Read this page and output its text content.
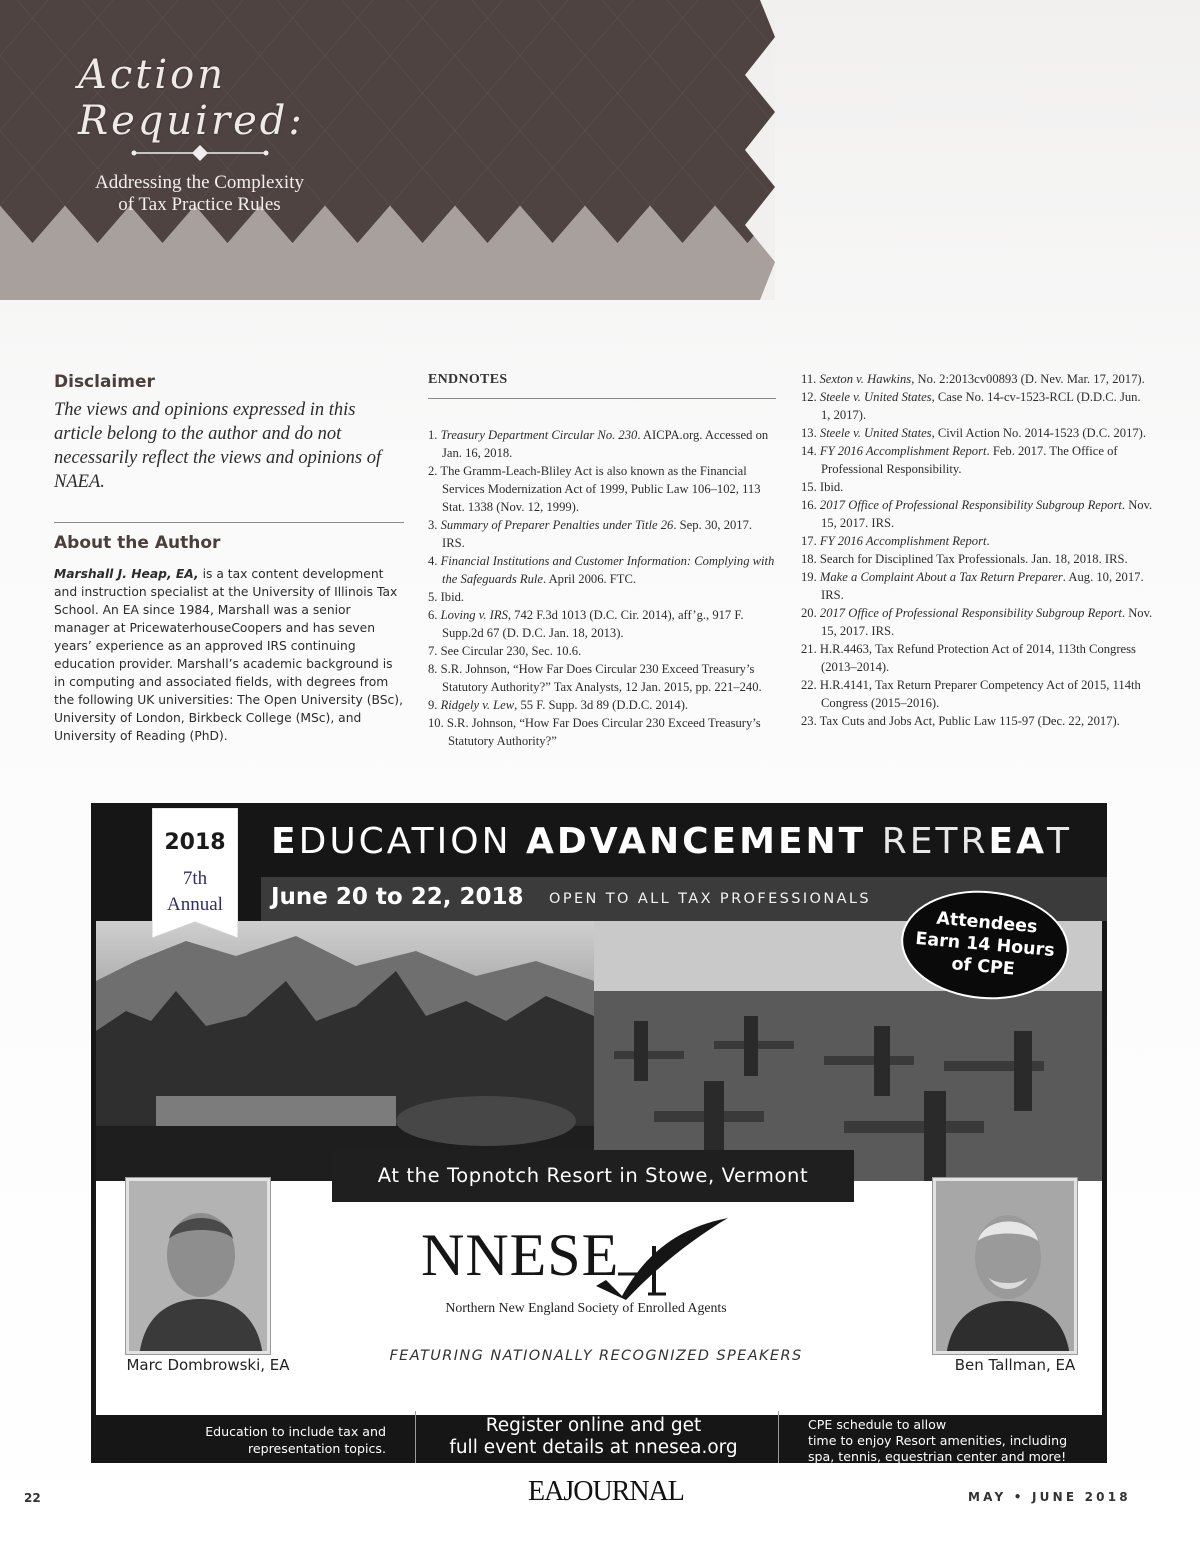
Action
Required:
Addressing the Complexity
of Tax Practice Rules
Disclaimer
The views and opinions expressed in this article belong to the author and do not necessarily reflect the views and opinions of NAEA.
About the Author
Marshall J. Heap, EA, is a tax content development and instruction specialist at the University of Illinois Tax School. An EA since 1984, Marshall was a senior manager at PricewaterhouseCoopers and has seven years’ experience as an approved IRS continuing education provider. Marshall’s academic background is in computing and associated fields, with degrees from the following UK universities: The Open University (BSc), University of London, Birkbeck College (MSc), and University of Reading (PhD).
ENDNOTES
1. Treasury Department Circular No. 230. AICPA.org. Accessed on Jan. 16, 2018.
2. The Gramm-Leach-Bliley Act is also known as the Financial Services Modernization Act of 1999, Public Law 106–102, 113 Stat. 1338 (Nov. 12, 1999).
3. Summary of Preparer Penalties under Title 26. Sep. 30, 2017. IRS.
4. Financial Institutions and Customer Information: Complying with the Safeguards Rule. April 2006. FTC.
5. Ibid.
6. Loving v. IRS, 742 F.3d 1013 (D.C. Cir. 2014), aff’g., 917 F. Supp.2d 67 (D. D.C. Jan. 18, 2013).
7. See Circular 230, Sec. 10.6.
8. S.R. Johnson, “How Far Does Circular 230 Exceed Treasury’s Statutory Authority?” Tax Analysts, 12 Jan. 2015, pp. 221–240.
9. Ridgely v. Lew, 55 F. Supp. 3d 89 (D.D.C. 2014).
10. S.R. Johnson, “How Far Does Circular 230 Exceed Treasury’s Statutory Authority?”
11. Sexton v. Hawkins, No. 2:2013cv00893 (D. Nev. Mar. 17, 2017).
12. Steele v. United States, Case No. 14-cv-1523-RCL (D.D.C. Jun. 1, 2017).
13. Steele v. United States, Civil Action No. 2014-1523 (D.C. 2017).
14. FY 2016 Accomplishment Report. Feb. 2017. The Office of Professional Responsibility.
15. Ibid.
16. 2017 Office of Professional Responsibility Subgroup Report. Nov. 15, 2017. IRS.
17. FY 2016 Accomplishment Report.
18. Search for Disciplined Tax Professionals. Jan. 18, 2018. IRS.
19. Make a Complaint About a Tax Return Preparer. Aug. 10, 2017. IRS.
20. 2017 Office of Professional Responsibility Subgroup Report. Nov. 15, 2017. IRS.
21. H.R.4463, Tax Refund Protection Act of 2014, 113th Congress (2013–2014).
22. H.R.4141, Tax Return Preparer Competency Act of 2015, 114th Congress (2015–2016).
23. Tax Cuts and Jobs Act, Public Law 115-97 (Dec. 22, 2017).
EDUCATION ADVANCEMENT RETREAT
June 20 to 22, 2018 OPEN TO ALL TAX PROFESSIONALS
2018
7th
Annual
Attendees
Earn 14 Hours
of CPE
At the Topnotch Resort in Stowe, Vermont
Marc Dombrowski, EA	Ben Tallman, EA
NNESE
Northern New England Society of Enrolled Agents
FEATURING NATIONALLY RECOGNIZED SPEAKERS
Education to include tax and
representation topics.
Register online and get
full event details at nnesea.org
CPE schedule to allow
time to enjoy Resort amenities, including
spa, tennis, equestrian center and more!
22	EAJOURNAL	MAY • JUNE 2018
